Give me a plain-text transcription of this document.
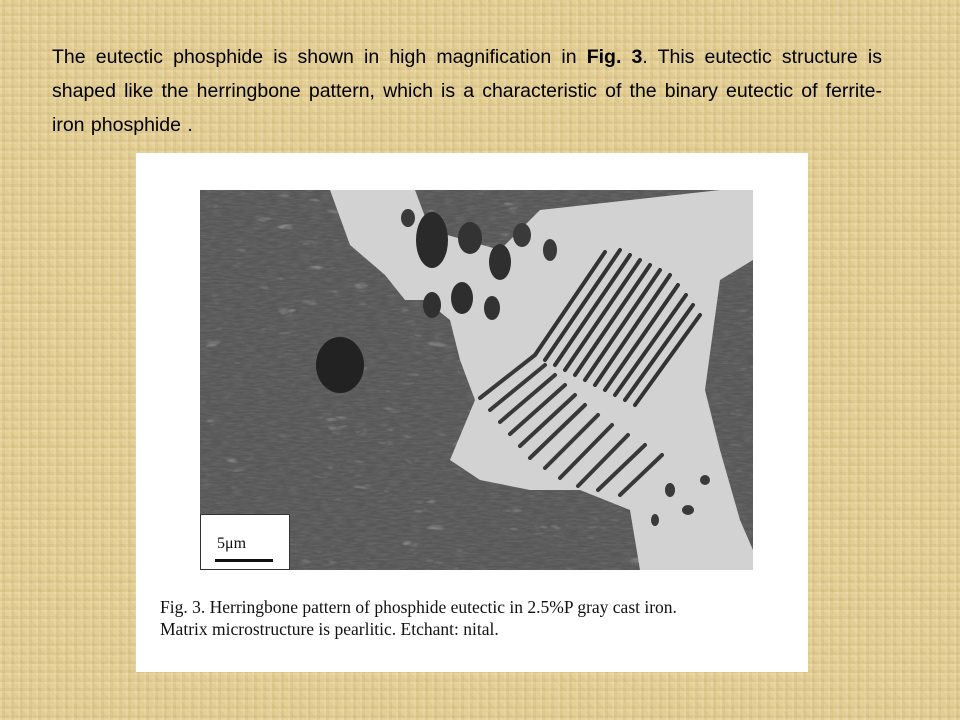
The eutectic phosphide is shown in high magnification in Fig. 3. This eutectic structure is shaped like the herringbone pattern, which is a characteristic of the binary eutectic of ferrite-iron phosphide .

5μm

Fig. 3. Herringbone pattern of phosphide eutectic in 2.5%P gray cast iron.
Matrix microstructure is pearlitic. Etchant: nital.
